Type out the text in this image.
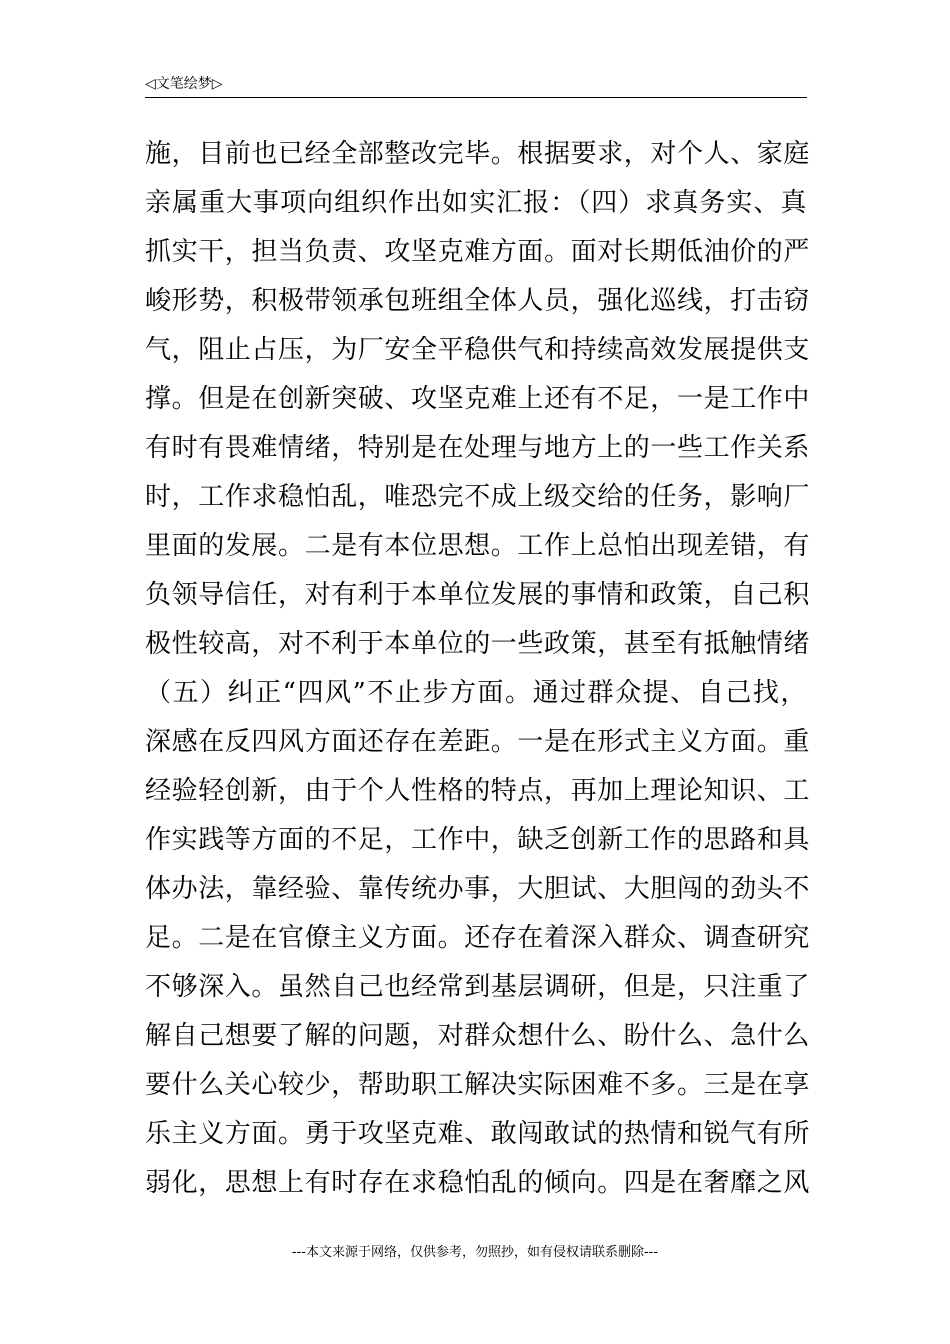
◁文笔绘梦▷
施，目前也已经全部整改完毕。根据要求，对个人、家庭
亲属重大事项向组织作出如实汇报：（四）求真务实、真
抓实干，担当负责、攻坚克难方面。面对长期低油价的严
峻形势，积极带领承包班组全体人员，强化巡线，打击窃
气，阻止占压，为厂安全平稳供气和持续高效发展提供支
撑。但是在创新突破、攻坚克难上还有不足，一是工作中
有时有畏难情绪，特别是在处理与地方上的一些工作关系
时，工作求稳怕乱，唯恐完不成上级交给的任务，影响厂
里面的发展。二是有本位思想。工作上总怕出现差错，有
负领导信任，对有利于本单位发展的事情和政策，自己积
极性较高，对不利于本单位的一些政策，甚至有抵触情绪
（五）纠正“四风”不止步方面。通过群众提、自己找，
深感在反四风方面还存在差距。一是在形式主义方面。重
经验轻创新，由于个人性格的特点，再加上理论知识、工
作实践等方面的不足，工作中，缺乏创新工作的思路和具
体办法，靠经验、靠传统办事，大胆试、大胆闯的劲头不
足。二是在官僚主义方面。还存在着深入群众、调查研究
不够深入。虽然自己也经常到基层调研，但是，只注重了
解自己想要了解的问题，对群众想什么、盼什么、急什么
要什么关心较少，帮助职工解决实际困难不多。三是在享
乐主义方面。勇于攻坚克难、敢闯敢试的热情和锐气有所
弱化，思想上有时存在求稳怕乱的倾向。四是在奢靡之风
---本文来源于网络，仅供参考，勿照抄，如有侵权请联系删除---
